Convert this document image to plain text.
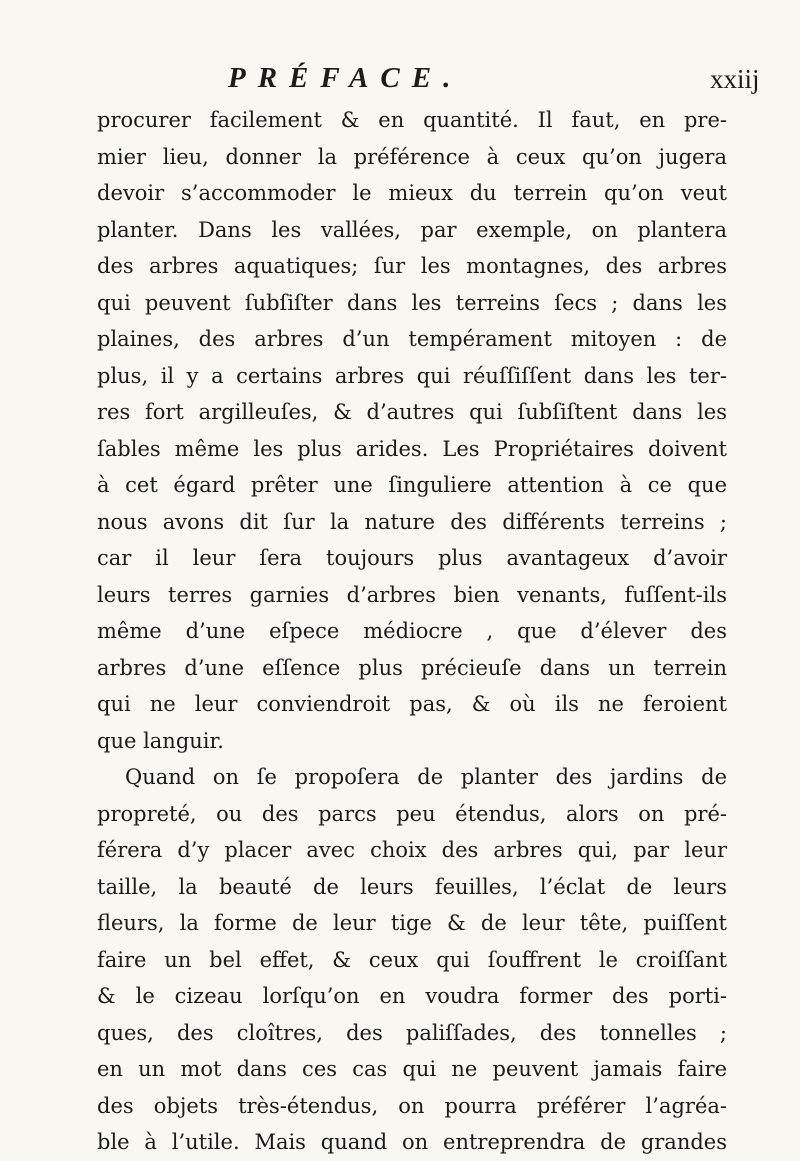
PRÉFACE.	xxiij
procurer facilement & en quantité. Il faut, en pre-
mier lieu, donner la préférence à ceux qu’on jugera
devoir s’accommoder le mieux du terrein qu’on veut
planter. Dans les vallées, par exemple, on plantera
des arbres aquatiques; ſur les montagnes, des arbres
qui peuvent ſubſiſter dans les terreins ſecs ; dans les
plaines, des arbres d’un tempérament mitoyen : de
plus, il y a certains arbres qui réuſſiſſent dans les ter-
res fort argilleuſes, & d’autres qui ſubſiſtent dans les
ſables même les plus arides. Les Propriétaires doivent
à cet égard prêter une ſinguliere attention à ce que
nous avons dit ſur la nature des différents terreins ;
car il leur ſera toujours plus avantageux d’avoir
leurs terres garnies d’arbres bien venants, fuſſent-ils
même d’une eſpece médiocre , que d’élever des
arbres d’une eſſence plus précieuſe dans un terrein
qui ne leur conviendroit pas, & où ils ne feroient
que languir.
Quand on ſe propoſera de planter des jardins de
propreté, ou des parcs peu étendus, alors on pré-
férera d’y placer avec choix des arbres qui, par leur
taille, la beauté de leurs feuilles, l’éclat de leurs
fleurs, la forme de leur tige & de leur tête, puiſſent
faire un bel effet, & ceux qui ſouffrent le croiſſant
& le cizeau lorſqu’on en voudra former des porti-
ques, des cloîtres, des paliſſades, des tonnelles ;
en un mot dans ces cas qui ne peuvent jamais faire
des objets très-étendus, on pourra préférer l’agréa-
ble à l’utile. Mais quand on entreprendra de grandes
